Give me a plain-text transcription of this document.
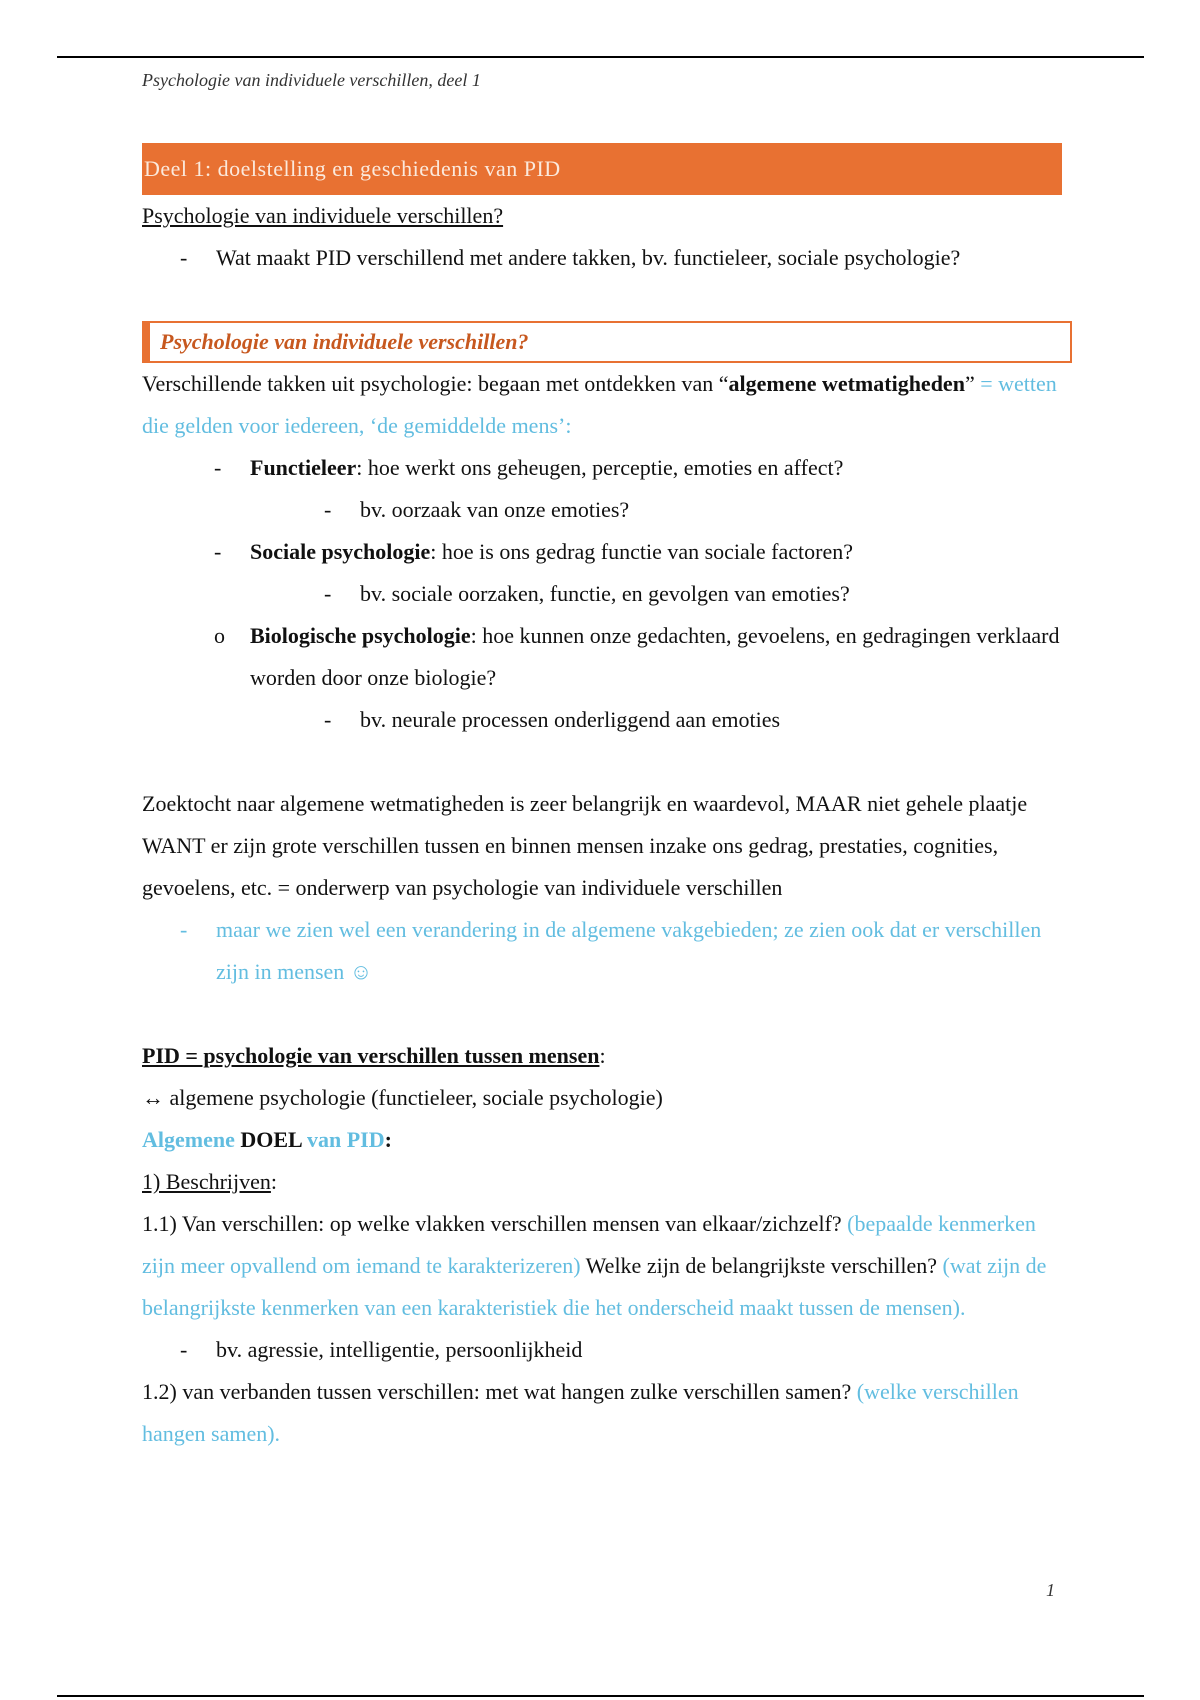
Psychologie van individuele verschillen, deel 1
Deel 1: doelstelling en geschiedenis van PID

Psychologie van individuele verschillen?

- Wat maakt PID verschillend met andere takken, bv. functieleer, sociale psychologie?
Psychologie van individuele verschillen?

Verschillende takken uit psychologie: begaan met ontdekken van “algemene wetmatigheden” = wetten die gelden voor iedereen, ‘de gemiddelde mens’:

- Functieleer: hoe werkt ons geheugen, perceptie, emoties en affect?
- bv. oorzaak van onze emoties?
- Sociale psychologie: hoe is ons gedrag functie van sociale factoren?
- bv. sociale oorzaken, functie, en gevolgen van emoties?
o Biologische psychologie: hoe kunnen onze gedachten, gevoelens, en gedragingen verklaard worden door onze biologie?
- bv. neurale processen onderliggend aan emoties

Zoektocht naar algemene wetmatigheden is zeer belangrijk en waardevol, MAAR niet gehele plaatje WANT er zijn grote verschillen tussen en binnen mensen inzake ons gedrag, prestaties, cognities, gevoelens, etc. = onderwerp van psychologie van individuele verschillen

- maar we zien wel een verandering in de algemene vakgebieden; ze zien ook dat er verschillen zijn in mensen ☺

PID = psychologie van verschillen tussen mensen:

↔ algemene psychologie (functieleer, sociale psychologie)

Algemene DOEL van PID:

1) Beschrijven:

1.1) Van verschillen: op welke vlakken verschillen mensen van elkaar/zichzelf? (bepaalde kenmerken zijn meer opvallend om iemand te karakterizeren) Welke zijn de belangrijkste verschillen? (wat zijn de belangrijkste kenmerken van een karakteristiek die het onderscheid maakt tussen de mensen).

- bv. agressie, intelligentie, persoonlijkheid

1.2) van verbanden tussen verschillen: met wat hangen zulke verschillen samen? (welke verschillen hangen samen).

1
